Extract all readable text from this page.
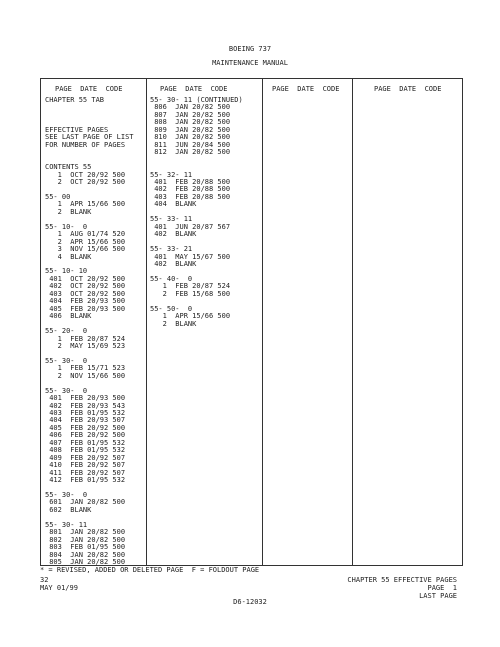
BOEING 737
MAINTENANCE MANUAL
PAGE  DATE  CODE
CHAPTER 55 TAB

EFFECTIVE PAGES
SEE LAST PAGE OF LIST
FOR NUMBER OF PAGES

CONTENTS 55
1  OCT 20/92 500
2  OCT 20/92 500

55- 00
1  APR 15/66 500
2  BLANK

55- 10-  0
1  AUG 01/74 520
2  APR 15/66 500
3  NOV 15/66 500
4  BLANK

55- 10- 10
401  OCT 20/92 500
402  OCT 20/92 500
403  OCT 20/92 500
404  FEB 20/93 500
405  FEB 20/93 500
406  BLANK

55- 20-  0
1  FEB 20/87 524
2  MAY 15/69 523

55- 30-  0
1  FEB 15/71 523
2  NOV 15/66 500

55- 30-  0
401  FEB 20/93 500
402  FEB 20/93 543
403  FEB 01/95 532
404  FEB 20/93 507
405  FEB 20/92 500
406  FEB 20/92 500
407  FEB 01/95 532
408  FEB 01/95 532
409  FEB 20/92 507
410  FEB 20/92 507
411  FEB 20/92 507
412  FEB 01/95 532

55- 30-  0
601  JAN 20/82 500
602  BLANK

55- 30- 11
801  JAN 20/82 500
802  JAN 20/82 500
803  FEB 01/95 500
804  JAN 20/82 500
805  JAN 20/82 500
PAGE  DATE  CODE
55- 30- 11 (CONTINUED)
806  JAN 20/82 500
807  JAN 20/82 500
808  JAN 20/82 500
809  JAN 20/82 500
810  JAN 20/82 500
811  JUN 20/84 500
812  JAN 20/82 500

55- 32- 11
401  FEB 20/88 500
402  FEB 20/88 500
403  FEB 20/88 500
404  BLANK

55- 33- 11
401  JUN 20/87 567
402  BLANK

55- 33- 21
401  MAY 15/67 500
402  BLANK

55- 40-  0
1  FEB 20/87 524
2  FEB 15/68 500

55- 50-  0
1  APR 15/66 500
2  BLANK
PAGE  DATE  CODE	PAGE  DATE  CODE
* = REVISED, ADDED OR DELETED PAGE  F = FOLDOUT PAGE
32
MAY 01/99
CHAPTER 55 EFFECTIVE PAGES
PAGE  1
LAST PAGE
D6-12032
